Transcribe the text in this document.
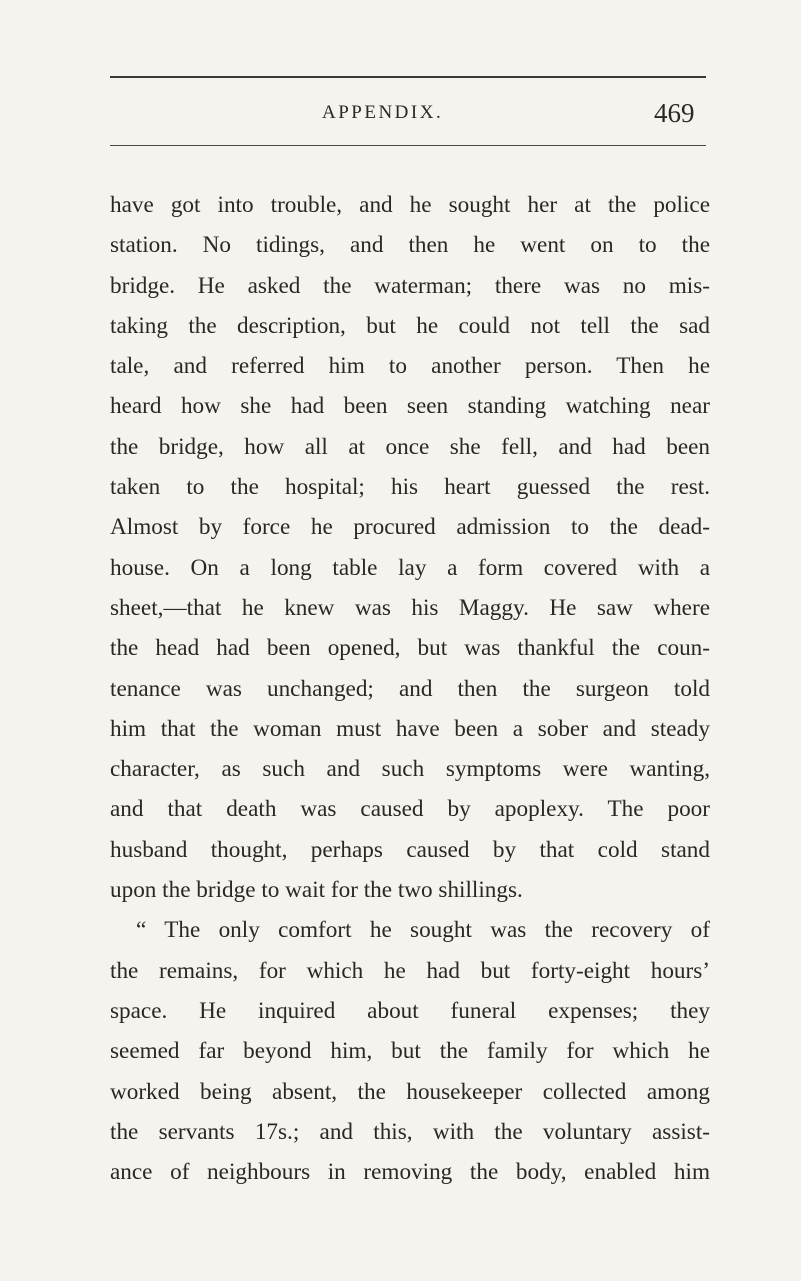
APPENDIX.	469
have got into trouble, and he sought her at the police
station. No tidings, and then he went on to the
bridge. He asked the waterman; there was no mis-
taking the description, but he could not tell the sad
tale, and referred him to another person. Then he
heard how she had been seen standing watching near
the bridge, how all at once she fell, and had been
taken to the hospital; his heart guessed the rest.
Almost by force he procured admission to the dead-
house. On a long table lay a form covered with a
sheet,—that he knew was his Maggy. He saw where
the head had been opened, but was thankful the coun-
tenance was unchanged; and then the surgeon told
him that the woman must have been a sober and steady
character, as such and such symptoms were wanting,
and that death was caused by apoplexy. The poor
husband thought, perhaps caused by that cold stand
upon the bridge to wait for the two shillings.
“ The only comfort he sought was the recovery of
the remains, for which he had but forty-eight hours’
space. He inquired about funeral expenses; they
seemed far beyond him, but the family for which he
worked being absent, the housekeeper collected among
the servants 17s.; and this, with the voluntary assist-
ance of neighbours in removing the body, enabled him
